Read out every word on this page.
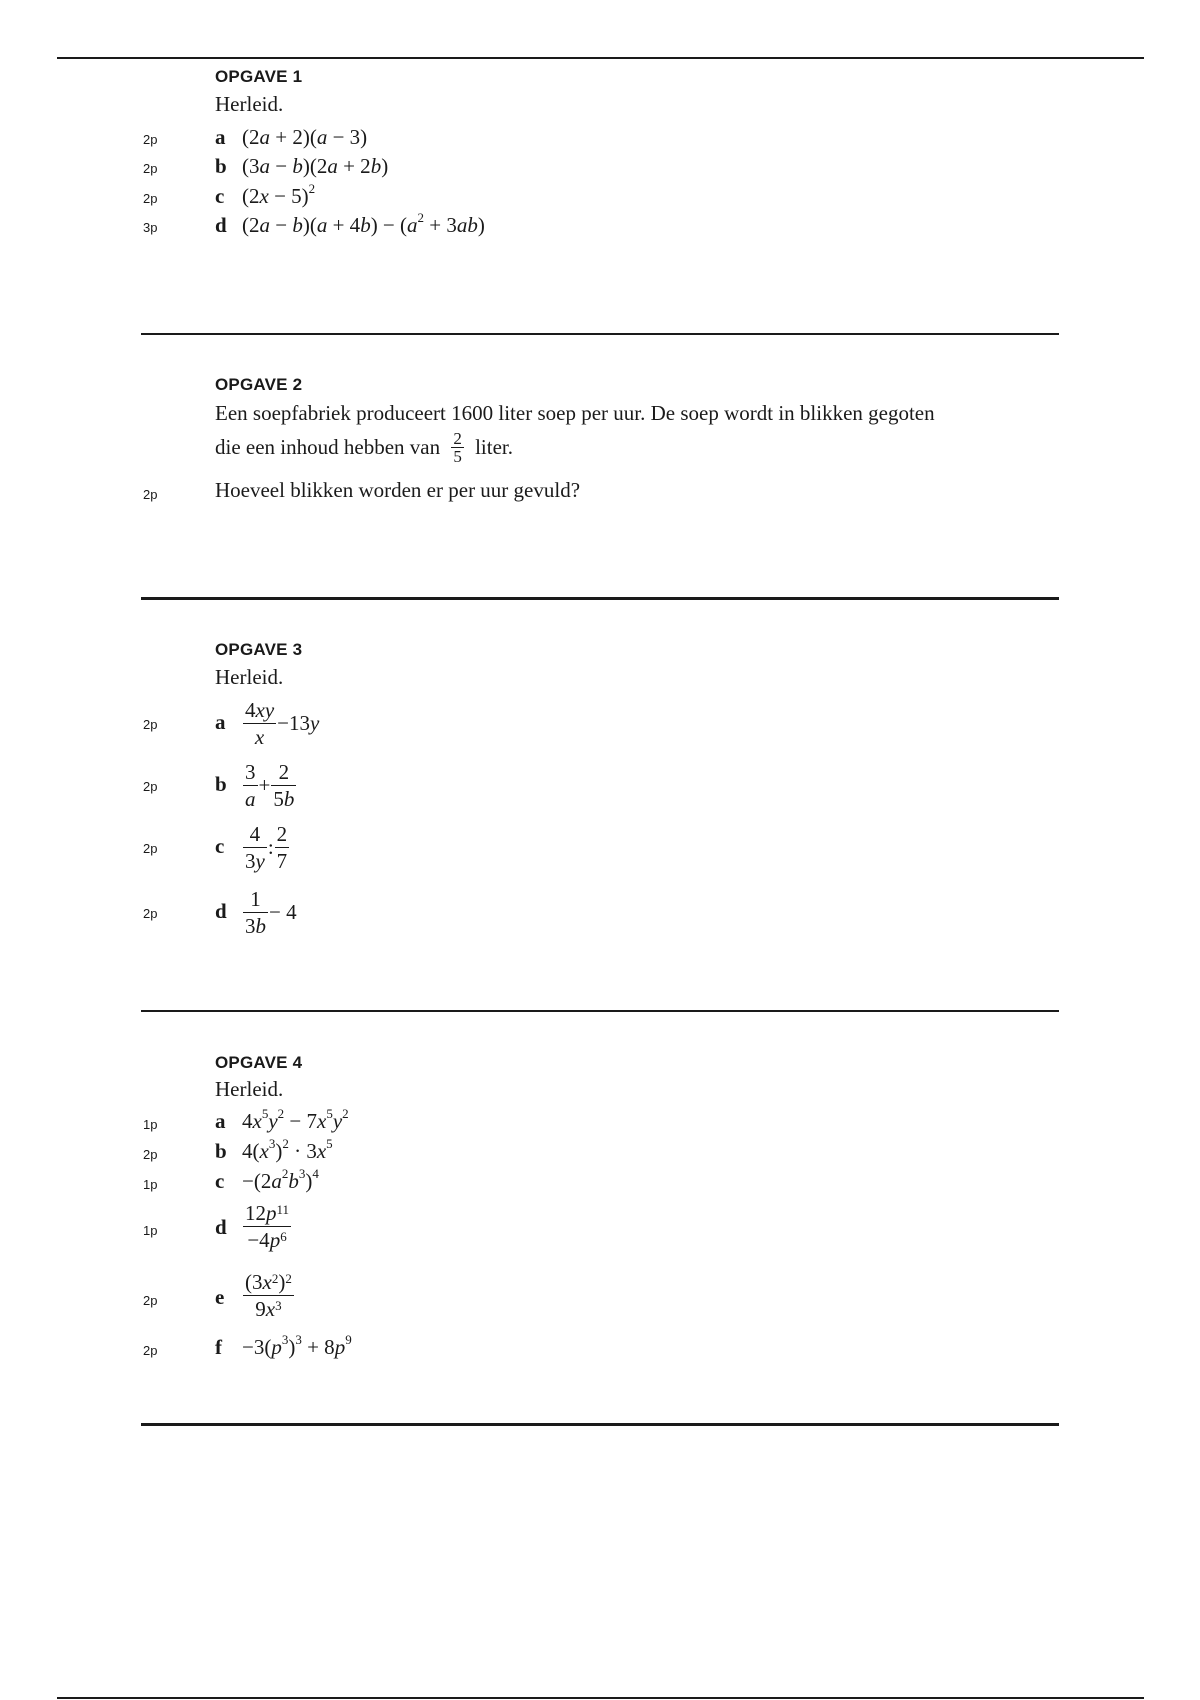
OPGAVE 1
Herleid.
2p	a (2a + 2)(a − 3)
2p	b (3a − b)(2a + 2b)
2p	c $(2x - 5)^2$
3p	d $(2a - b)(a + 4b) - (a^2 + 3ab)$
OPGAVE 2
Een soepfabriek produceert 1600 liter soep per uur. De soep wordt in blikken gegoten
die een inhoud hebben van $\frac{2}{5}$ liter.
2p	Hoeveel blikken worden er per uur gevuld?
OPGAVE 3
Herleid.
2p	a $\frac{4xy}{x} -13y$
2p	b $\frac{3}{a} + \frac{2}{5b}$
2p	c $\frac{4}{3y}$ : $\frac{2}{7}$
2p	d $\frac{1}{3b} - 4$
OPGAVE 4
Herleid.
1p	a $4x^5y^2 - 7x^5y^2$
2p	b $4(x^3)^2 \cdot 3x^5$
1p	$c -(2a^2b^3)^4$
1p	d $\frac{12p^{11}}{-4p^6}$
2p	e $\frac{(3x^2)^2}{9x^3}$
2p	$f -3(p^3)^3 + 8p^9$
